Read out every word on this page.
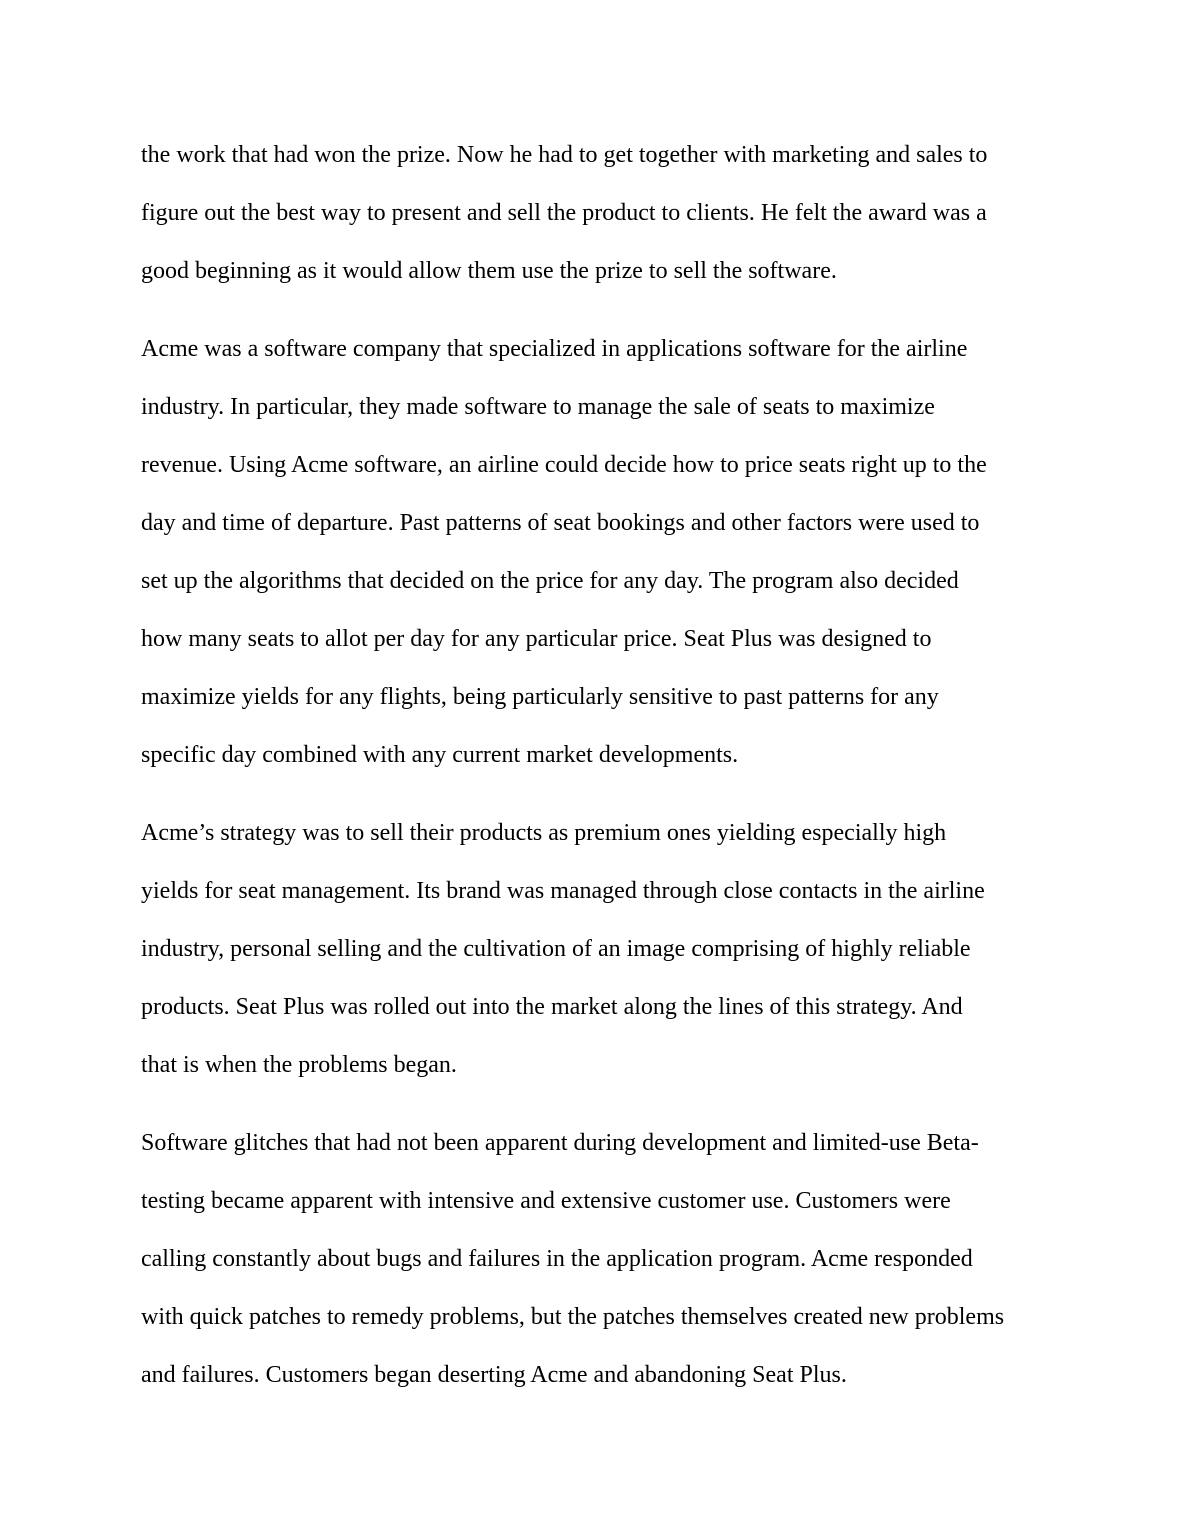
the work that had won the prize. Now he had to get together with marketing and sales to
figure out the best way to present and sell the product to clients. He felt the award was a
good beginning as it would allow them use the prize to sell the software.
Acme was a software company that specialized in applications software for the airline
industry. In particular, they made software to manage the sale of seats to maximize
revenue. Using Acme software, an airline could decide how to price seats right up to the
day and time of departure. Past patterns of seat bookings and other factors were used to
set up the algorithms that decided on the price for any day. The program also decided
how many seats to allot per day for any particular price. Seat Plus was designed to
maximize yields for any flights, being particularly sensitive to past patterns for any
specific day combined with any current market developments.
Acme’s strategy was to sell their products as premium ones yielding especially high
yields for seat management. Its brand was managed through close contacts in the airline
industry, personal selling and the cultivation of an image comprising of highly reliable
products. Seat Plus was rolled out into the market along the lines of this strategy. And
that is when the problems began.
Software glitches that had not been apparent during development and limited-use Beta-
testing became apparent with intensive and extensive customer use. Customers were
calling constantly about bugs and failures in the application program. Acme responded
with quick patches to remedy problems, but the patches themselves created new problems
and failures. Customers began deserting Acme and abandoning Seat Plus.
